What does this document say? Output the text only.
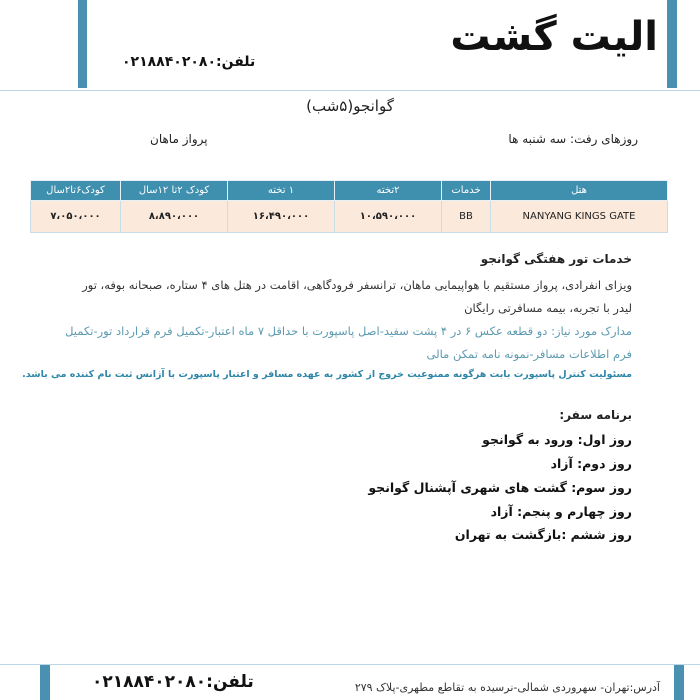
الیت گشت
تلفن:۰۲۱۸۸۴۰۲۰۸۰
گوانجو(۵شب)
روزهای رفت: سه شنبه ها
پرواز ماهان
هتل	خدمات	۲تخته	۱ تخته	کودک ۲تا ۱۲سال	کودک۶تا۲سال
NANYANG KINGS GATE	BB	۱۰،۵۹۰،۰۰۰	۱۶،۴۹۰،۰۰۰	۸،۸۹۰،۰۰۰	۷،۰۵۰،۰۰۰
خدمات تور هفتگی گوانجو
ویزای انفرادی، پرواز مستقیم با هواپیمایی ماهان، ترانسفر فرودگاهی، اقامت در هتل های ۴ ستاره، صبحانه بوفه، تور لیدر با تجربه، بیمه مسافرتی رایگان
مدارک مورد نیاز: دو قطعه عکس ۶ در ۴ پشت سفید-اصل پاسپورت با حداقل ۷ ماه اعتبار-تکمیل فرم قرارداد تور-تکمیل فرم اطلاعات مسافر-نمونه نامه تمکن مالی
مسئولیت کنترل پاسپورت بابت هرگونه ممنوعیت خروج از کشور به عهده مسافر و اعتبار پاسپورت با آژانس ثبت نام کننده می باشد.
برنامه سفر:
روز اول: ورود به گوانجو
روز دوم: آزاد
روز سوم: گشت های شهری آپشنال گوانجو
روز چهارم و پنجم: آزاد
روز ششم :بازگشت به تهران
تلفن:۰۲۱۸۸۴۰۲۰۸۰	آدرس:تهران- سهروردی شمالی-نرسیده به تقاطع مطهری-پلاک ۲۷۹
